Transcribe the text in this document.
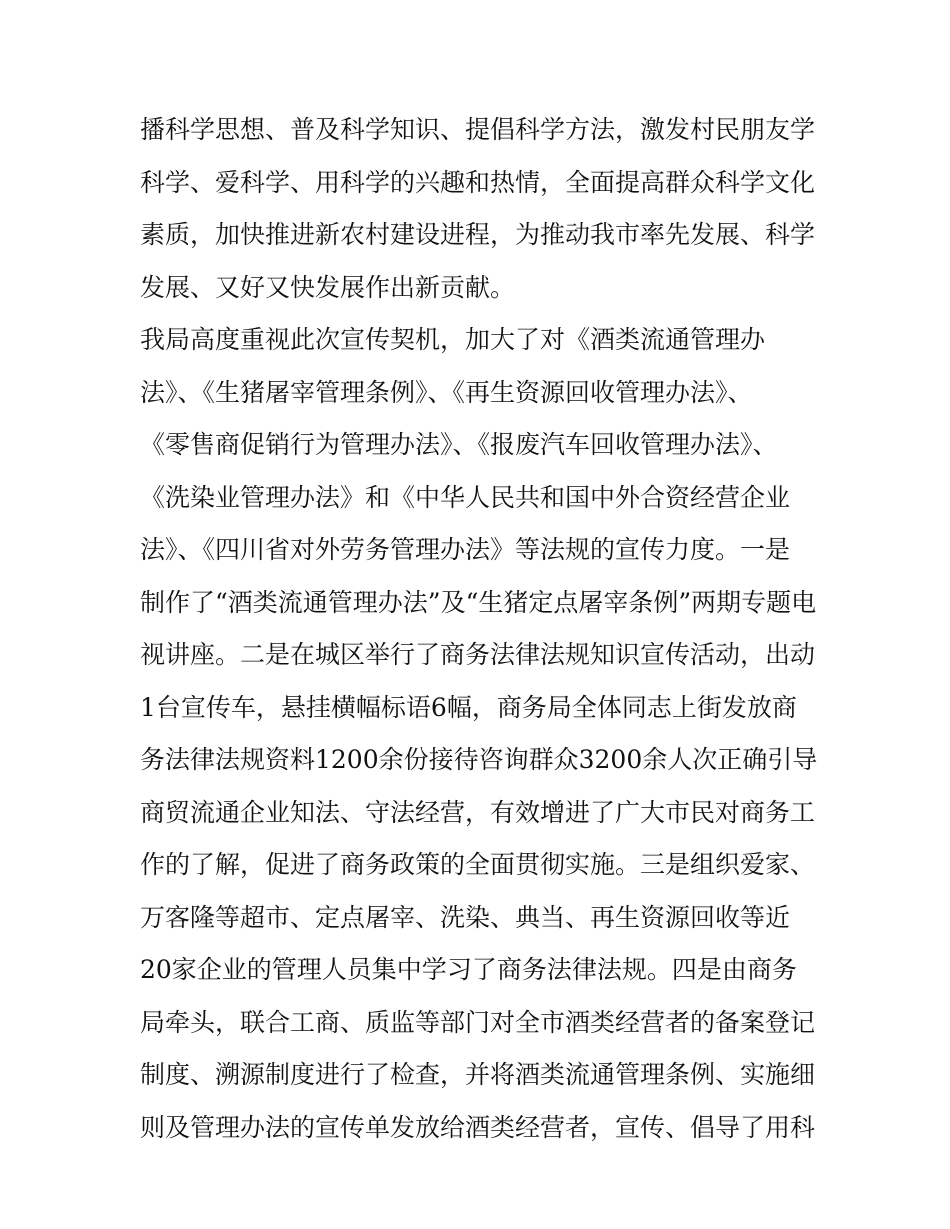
播科学思想、普及科学知识、提倡科学方法，激发村民朋友学
科学、爱科学、用科学的兴趣和热情，全面提高群众科学文化
素质，加快推进新农村建设进程，为推动我市率先发展、科学
发展、又好又快发展作出新贡献。
我局高度重视此次宣传契机，加大了对《酒类流通管理办
法》、《生猪屠宰管理条例》、《再生资源回收管理办法》、
《零售商促销行为管理办法》、《报废汽车回收管理办法》、
《洗染业管理办法》和《中华人民共和国中外合资经营企业
法》、《四川省对外劳务管理办法》等法规的宣传力度。一是
制作了“酒类流通管理办法”及“生猪定点屠宰条例”两期专题电
视讲座。二是在城区举行了商务法律法规知识宣传活动，出动
1台宣传车，悬挂横幅标语6幅，商务局全体同志上街发放商
务法律法规资料1200余份接待咨询群众3200余人次正确引导
商贸流通企业知法、守法经营，有效增进了广大市民对商务工
作的了解，促进了商务政策的全面贯彻实施。三是组织爱家、
万客隆等超市、定点屠宰、洗染、典当、再生资源回收等近
20家企业的管理人员集中学习了商务法律法规。四是由商务
局牵头，联合工商、质监等部门对全市酒类经营者的备案登记
制度、溯源制度进行了检查，并将酒类流通管理条例、实施细
则及管理办法的宣传单发放给酒类经营者，宣传、倡导了用科
